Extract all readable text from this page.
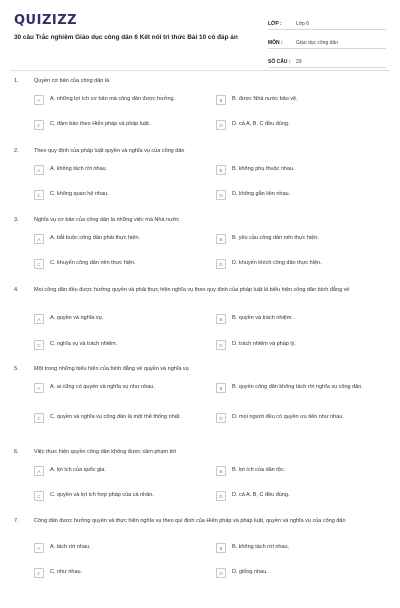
QUIZIZZ
30 câu Trắc nghiệm Giáo dục công dân 6 Kết nối tri thức Bài 10 có đáp án
LỚP :	Lớp 6
MÔN :	Giáo dục công dân
SỐ CÂU :	29
1.	Quyền cơ bản của công dân là
A	A. những lợi ích cơ bản mà công dân được hưởng.	B	B. được Nhà nước bảo vệ.
C	C. đảm bảo theo Hiến pháp và pháp luật.	D	D. cả A, B, C đều đúng.
2.	Theo quy định của pháp luật quyền và nghĩa vụ của công dân
A	A. không tách rời nhau.	B	B. không phụ thuộc nhau.
C	C. không quan hệ nhau.	D	D. không gắn liền nhau.
3.	Nghĩa vụ cơ bản của công dân là những việc mà Nhà nước
A	A. bắt buộc công dân phải thực hiện.	B	B. yêu cầu công dân nên thực hiện.
C	C. khuyến công dân nên thực hiện.	D	D. khuyến khích công dân thực hiện.
4.	Mọi công dân đều được hưởng quyền và phải thực hiện nghĩa vụ theo quy định của pháp luật là biểu hiện công dân bình đẳng về
A	A. quyền và nghĩa vụ.	B	B. quyền và trách nhiệm.
C	C. nghĩa vụ và trách nhiệm.	D	D. trách nhiệm và pháp lý.
5.	Một trong những biểu hiện của bình đẳng về quyền và nghĩa vụ
A	A. ai cũng có quyền và nghĩa vụ như nhau.	B	B. quyền công dân không tách rời nghĩa vụ công dân.
C	C. quyền và nghĩa vụ công dân là một thể thống nhất.	D	D. mọi người đều có quyền ưu tiên như nhau.
6.	Việc thực hiện quyền công dân không được xâm phạm tới
A	A. lợi ích của quốc gia.	B	B. lợi ích của dân tộc.
C	C. quyền và lợi ích hợp pháp của cá nhân.	D	D. cả A, B, C đều đúng.
7.	Công dân được hưởng quyền và thực hiện nghĩa vụ theo qui định của Hiến pháp và pháp luật, quyền và nghĩa vụ của công dân
A	A. tách rời nhau.	B	B. không tách rời nhau.
C	C. như nhau.	D	D. giống nhau.
